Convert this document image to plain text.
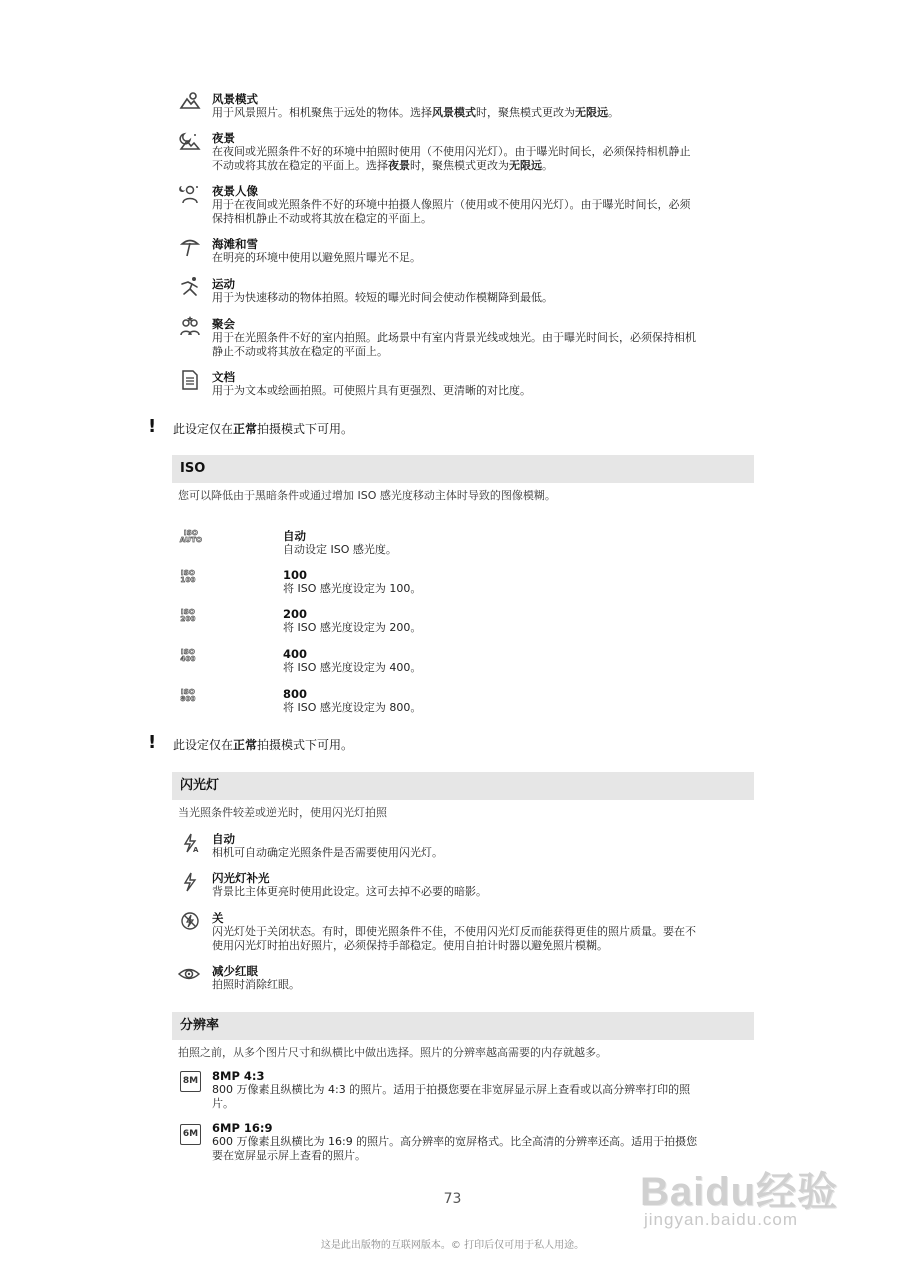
风景模式
用于风景照片。相机聚焦于远处的物体。选择风景模式时，聚焦模式更改为无限远。
夜景
在夜间或光照条件不好的环境中拍照时使用（不使用闪光灯）。由于曝光时间长，必须保持相机静止
不动或将其放在稳定的平面上。选择夜景时，聚焦模式更改为无限远。
夜景人像
用于在夜间或光照条件不好的环境中拍摄人像照片（使用或不使用闪光灯）。由于曝光时间长，必须
保持相机静止不动或将其放在稳定的平面上。
海滩和雪
在明亮的环境中使用以避免照片曝光不足。
运动
用于为快速移动的物体拍照。较短的曝光时间会使动作模糊降到最低。
聚会
用于在光照条件不好的室内拍照。此场景中有室内背景光线或烛光。由于曝光时间长，必须保持相机
静止不动或将其放在稳定的平面上。
文档
用于为文本或绘画拍照。可使照片具有更强烈、更清晰的对比度。
! 此设定仅在正常拍摄模式下可用。
ISO
您可以降低由于黑暗条件或通过增加 ISO 感光度移动主体时导致的图像模糊。
ISO
AUTO	自动
自动设定 ISO 感光度。
ISO
100	100
将 ISO 感光度设定为 100。
ISO
200	200
将 ISO 感光度设定为 200。
ISO
400	400
将 ISO 感光度设定为 400。
ISO
800	800
将 ISO 感光度设定为 800。
! 此设定仅在正常拍摄模式下可用。
闪光灯
当光照条件较差或逆光时，使用闪光灯拍照
A
自动
相机可自动确定光照条件是否需要使用闪光灯。
闪光灯补光
背景比主体更亮时使用此设定。这可去掉不必要的暗影。
关
闪光灯处于关闭状态。有时，即使光照条件不佳，不使用闪光灯反而能获得更佳的照片质量。要在不
使用闪光灯时拍出好照片，必须保持手部稳定。使用自拍计时器以避免照片模糊。
减少红眼
拍照时消除红眼。
分辨率
拍照之前，从多个图片尺寸和纵横比中做出选择。照片的分辨率越高需要的内存就越多。
8M 8MP 4:3
800 万像素且纵横比为 4:3 的照片。适用于拍摄您要在非宽屏显示屏上查看或以高分辨率打印的照
片。
6M 6MP 16:9
600 万像素且纵横比为 16:9 的照片。高分辨率的宽屏格式。比全高清的分辨率还高。适用于拍摄您
要在宽屏显示屏上查看的照片。
73
这是此出版物的互联网版本。© 打印后仅可用于私人用途。
Baidu经验
jingyan.baidu.com
